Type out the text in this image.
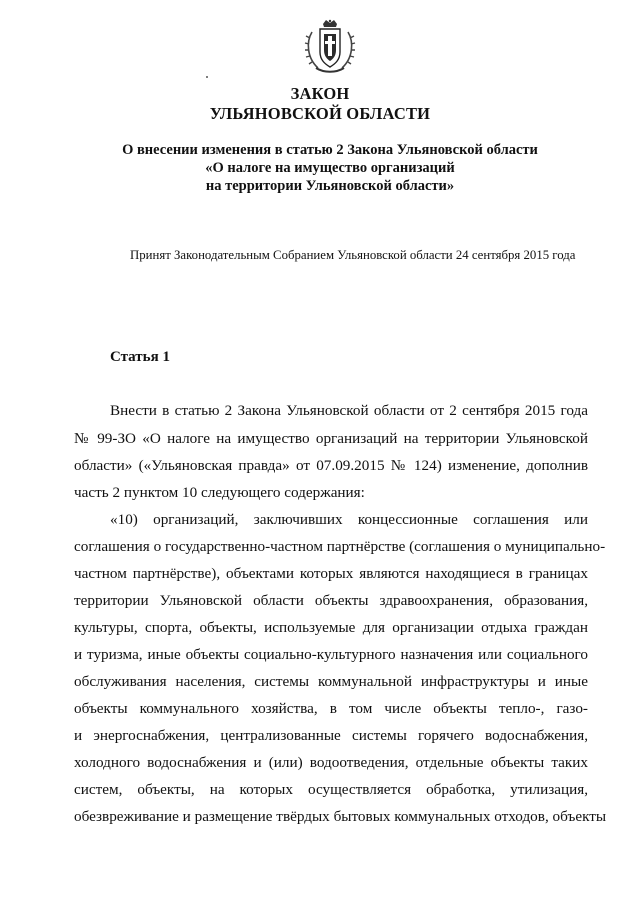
ЗАКОН
УЛЬЯНОВСКОЙ ОБЛАСТИ
О внесении изменения в статью 2 Закона Ульяновской области
«О налоге на имущество организаций
на территории Ульяновской области»
Принят Законодательным Собранием Ульяновской области 24 сентября 2015 года
Статья 1
Внести в статью 2 Закона Ульяновской области от 2 сентября 2015 года
№ 99-ЗО «О налоге на имущество организаций на территории Ульяновской
области» («Ульяновская правда» от 07.09.2015 № 124) изменение, дополнив
часть 2 пунктом 10 следующего содержания:
«10) организаций, заключивших концессионные соглашения или
соглашения о государственно-частном партнёрстве (соглашения о муниципально-
частном партнёрстве), объектами которых являются находящиеся в границах
территории Ульяновской области объекты здравоохранения, образования,
культуры, спорта, объекты, используемые для организации отдыха граждан
и туризма, иные объекты социально-культурного назначения или социального
обслуживания населения, системы коммунальной инфраструктуры и иные
объекты коммунального хозяйства, в том числе объекты тепло-, газо-
и энергоснабжения, централизованные системы горячего водоснабжения,
холодного водоснабжения и (или) водоотведения, отдельные объекты таких
систем, объекты, на которых осуществляется обработка, утилизация,
обезвреживание и размещение твёрдых бытовых коммунальных отходов, объекты
